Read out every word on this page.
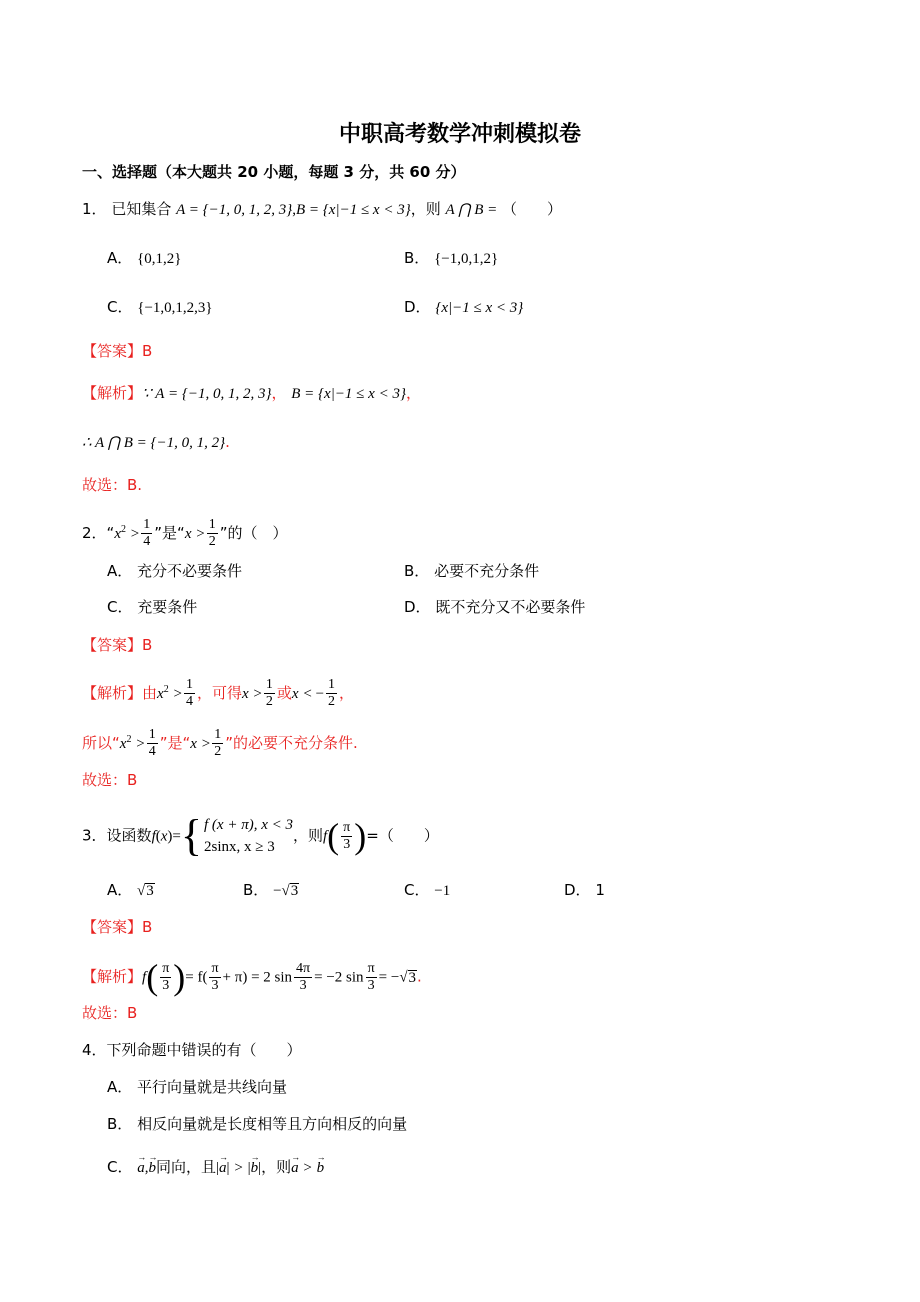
中职高考数学冲刺模拟卷
一、选择题（本大题共 20 小题，每题 3 分，共 60 分）
1． 已知集合 A = {−1, 0, 1, 2, 3},B = {x|−1 ≤ x < 3}，则 A ⋂ B = （　　）
A． {0,1,2}	B． {−1,0,1,2}
C． {−1,0,1,2,3}	D． {x|−1 ≤ x < 3}
【答案】B
【解析】∵ A = {−1, 0, 1, 2, 3}， B = {x|−1 ≤ x < 3}，
∴ A ⋂ B = {−1, 0, 1, 2}.
故选：B.
2．“$x^2 > \frac{1}{4}$ ”是“$x > \frac{1}{2}$ ”的（　）
A． 充分不必要条件	B． 必要不充分条件
C． 充要条件	D． 既不充分又不必要条件
【答案】B
【解析】由$x^2 > \frac{1}{4}$ ，可得$x > \frac{1}{2}$ 或x < − $\frac{1}{2}$ ，
所以“$x^2 > \frac{1}{4}$ ”是“$x > \frac{1}{2}$ ”的必要不充分条件.
故选：B
3．设函数f(x)={ f (x + π), x < 3
2sinx, x ≥ 3
，则$f( \frac{\pi}{3}$ )=（　　）
A． √3	B． −√3	C． −1	D． 1
【答案】B
【解析】$f( \frac{\pi}{3}$ )= $f( \frac{\pi}{3} + \pi) = 2$ $\sin \frac{4\pi}{3} = -2$ $\sin \frac{\pi}{3} = -√3$.
故选：B
4．下列命题中错误的有（　　）
A． 平行向量就是共线向量
B． 相反向量就是长度相等且方向相反的向量
C． → a,→ b同向，且|→ a| > |→ b|，则→ a > → b
